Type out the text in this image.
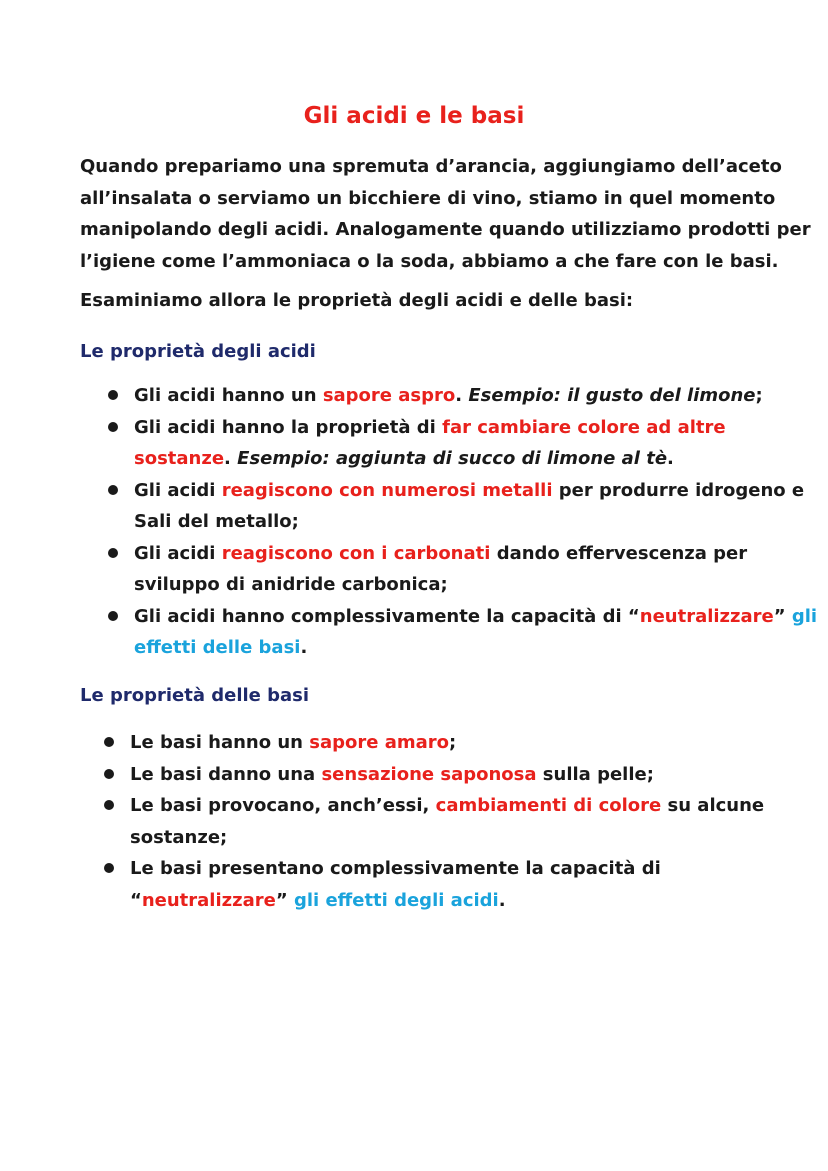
Gli acidi e le basi
Quando prepariamo una spremuta d’arancia, aggiungiamo dell’aceto
all’insalata o serviamo un bicchiere di vino, stiamo in quel momento
manipolando degli acidi. Analogamente quando utilizziamo prodotti per
l’igiene come l’ammoniaca o la soda, abbiamo a che fare con le basi.
Esaminiamo allora le proprietà degli acidi e delle basi:
Le proprietà degli acidi
Gli acidi hanno un sapore aspro. Esempio: il gusto del limone;
Gli acidi hanno la proprietà di far cambiare colore ad altre
sostanze. Esempio: aggiunta di succo di limone al tè.
Gli acidi reagiscono con numerosi metalli per produrre idrogeno e
Sali del metallo;
Gli acidi reagiscono con i carbonati dando effervescenza per
sviluppo di anidride carbonica;
Gli acidi hanno complessivamente la capacità di “neutralizzare” gli
effetti delle basi.
Le proprietà delle basi
Le basi hanno un sapore amaro;
Le basi danno una sensazione saponosa sulla pelle;
Le basi provocano, anch’essi, cambiamenti di colore su alcune
sostanze;
Le basi presentano complessivamente la capacità di
“neutralizzare” gli effetti degli acidi.
